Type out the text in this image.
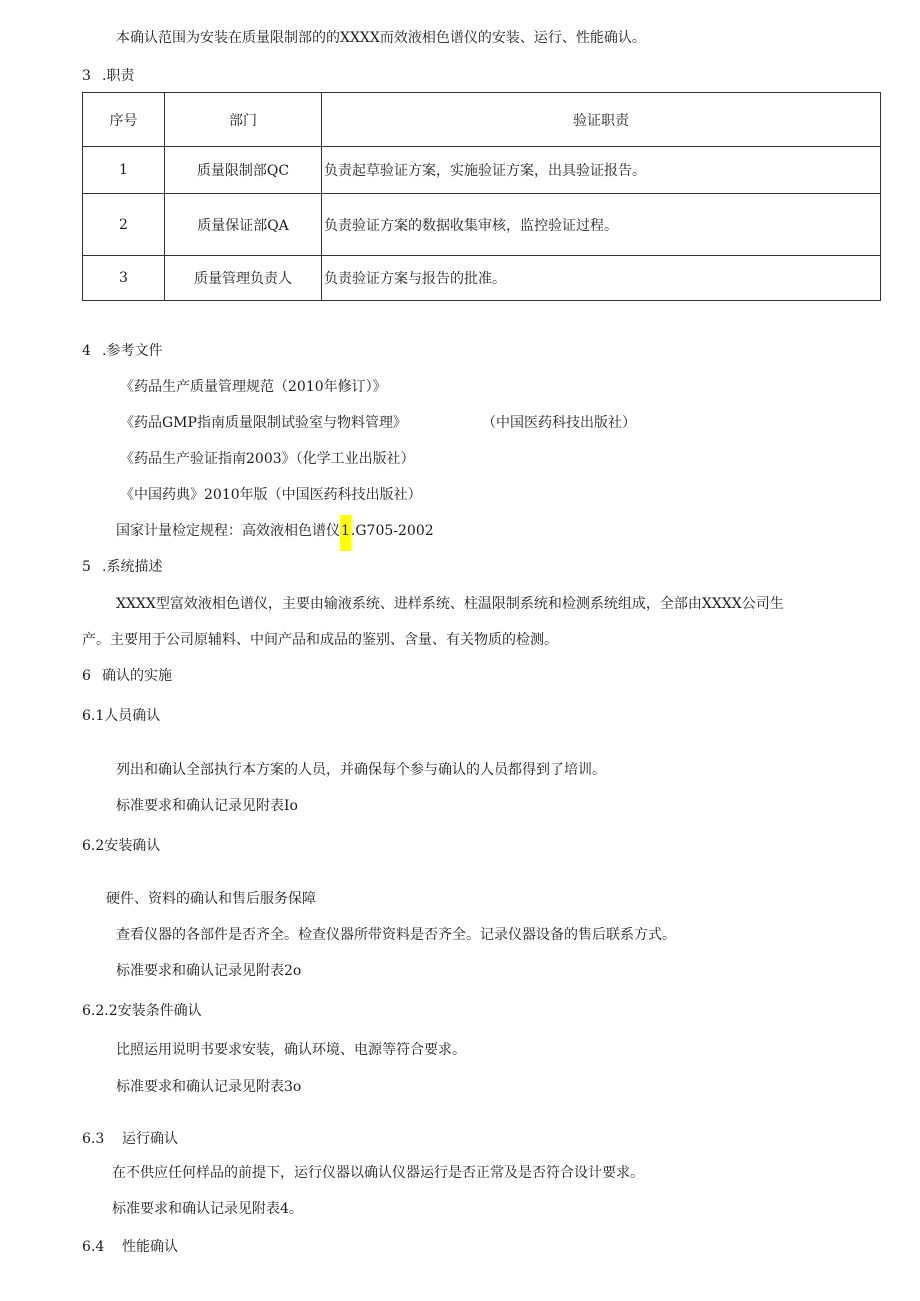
本确认范围为安装在质量限制部的的XXXX而效液相色谱仪的安装、运行、性能确认。
3 .职责
序号	部门	验证职责
1	质量限制部QC	负责起草验证方案，实施验证方案，出具验证报告。
2	质量保证部QA	负责验证方案的数据收集审核，监控验证过程。
3	质量管理负责人	负责验证方案与报告的批准。
4 .参考文件
《药品生产质量管理规范（2010年修订）》
《药品GMP指南质量限制试验室与物料管理》	（中国医药科技出版社）
《药品生产验证指南2003》（化学工业出版社）
《中国药典》2010年版（中国医药科技出版社）
国家计量检定规程：高效液相色谱仪1.G705-2002
5 .系统描述
XXXX型富效液相色谱仪，主要由输液系统、进样系统、柱温限制系统和检测系统组成，全部由XXXX公司生
产。主要用于公司原辅料、中间产品和成品的鉴别、含量、有关物质的检测。
6 确认的实施
6.1人员确认
列出和确认全部执行本方案的人员，并确保每个参与确认的人员都得到了培训。
标准要求和确认记录见附表Io
6.2安装确认
硬件、资料的确认和售后服务保障
查看仪器的各部件是否齐全。检查仪器所带资料是否齐全。记录仪器设备的售后联系方式。
标准要求和确认记录见附表2o
6.2.2安装条件确认
比照运用说明书要求安装，确认环境、电源等符合要求。
标准要求和确认记录见附表3o
6.3 运行确认
在不供应任何样品的前提下，运行仪器以确认仪器运行是否正常及是否符合设计要求。
标准要求和确认记录见附表4。
6.4 性能确认
